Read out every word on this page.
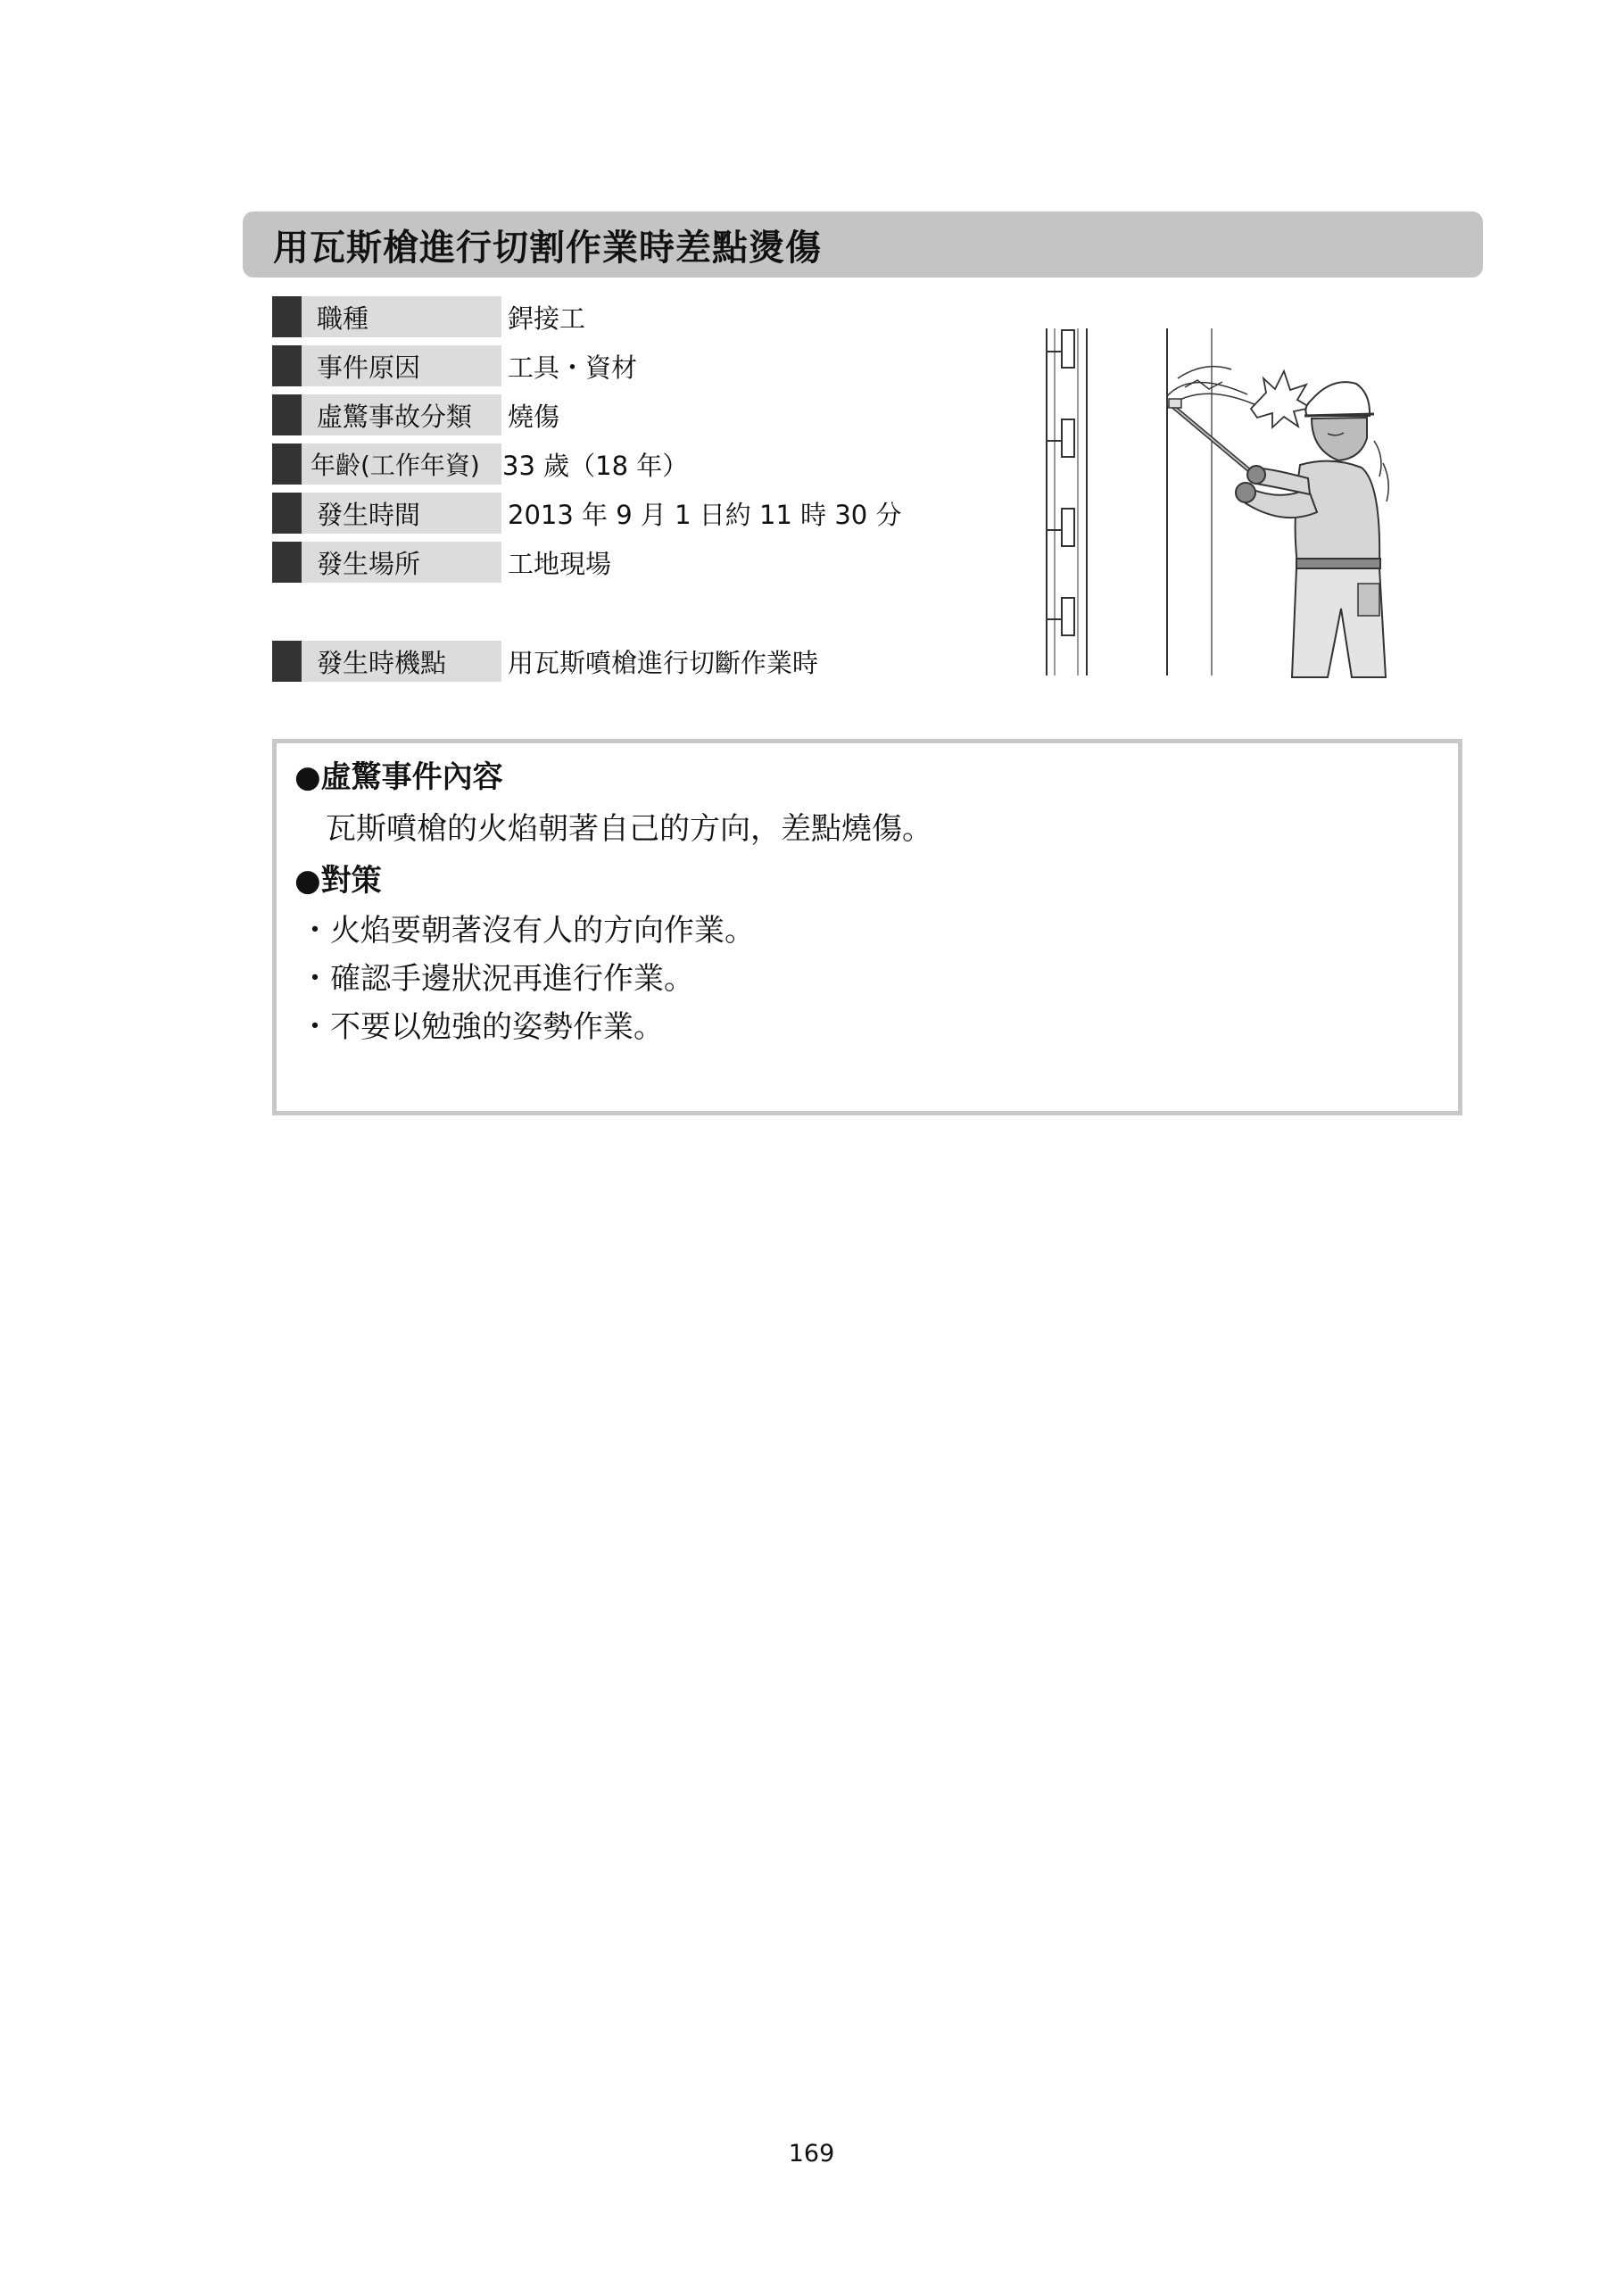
用瓦斯槍進行切割作業時差點燙傷
職種	銲接工
事件原因	工具・資材
虛驚事故分類	燒傷
年齡(工作年資) 33 歲（18 年）
發生時間	2013 年 9 月 1 日約 11 時 30 分
發生場所	工地現場
發生時機點	用瓦斯噴槍進行切斷作業時
●虛驚事件內容
瓦斯噴槍的火焰朝著自己的方向，差點燒傷。
●對策
・火焰要朝著沒有人的方向作業。
・確認手邊狀況再進行作業。
・不要以勉強的姿勢作業。
169
